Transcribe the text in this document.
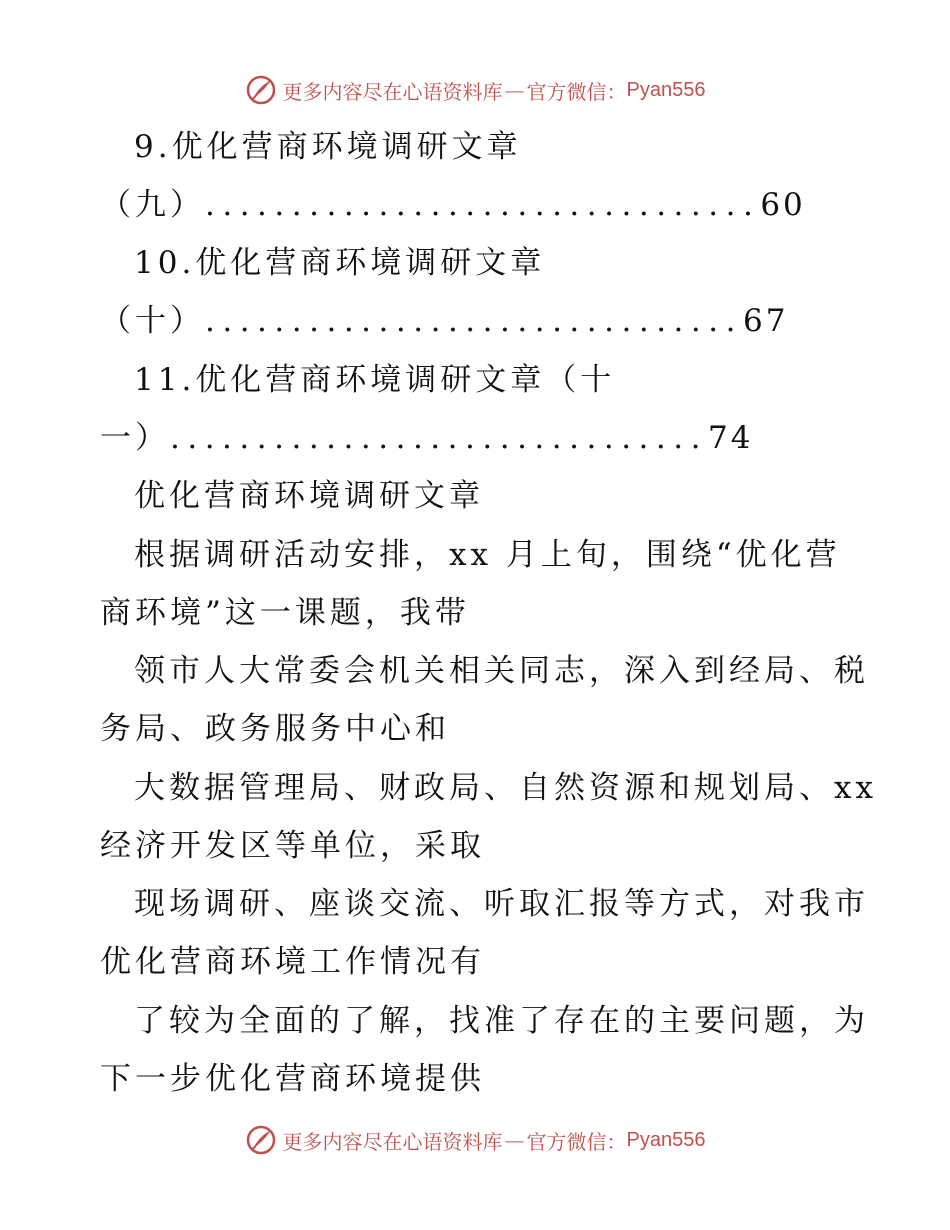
更多内容尽在心语资料库 — 官方微信： Pyan556
9.优化营商环境调研文章
（九）................................60
10.优化营商环境调研文章
（十）...............................67
11.优化营商环境调研文章（十
一）...............................74
优化营商环境调研文章
根据调研活动安排，xx 月上旬，围绕“优化营
商环境”这一课题，我带
领市人大常委会机关相关同志，深入到经局、税
务局、政务服务中心和
大数据管理局、财政局、自然资源和规划局、xx
经济开发区等单位，采取
现场调研、座谈交流、听取汇报等方式，对我市
优化营商环境工作情况有
了较为全面的了解，找准了存在的主要问题，为
下一步优化营商环境提供
更多内容尽在心语资料库 — 官方微信： Pyan556
